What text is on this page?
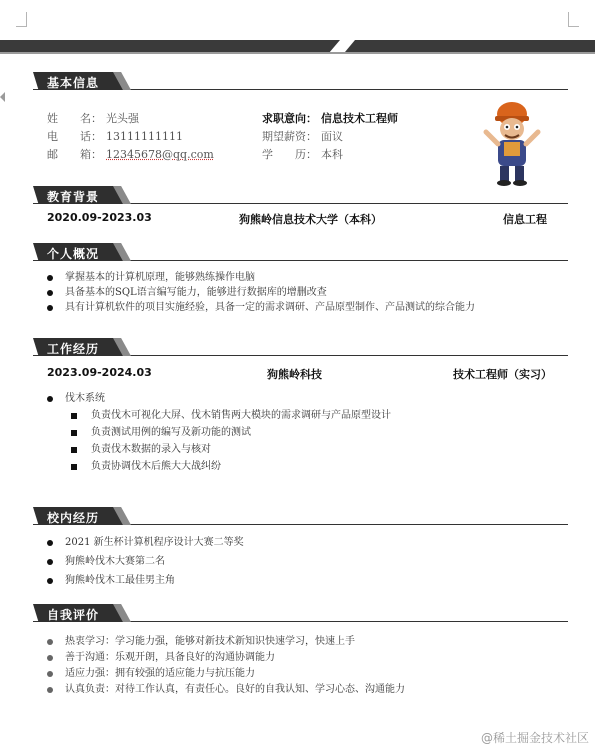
基本信息
姓　　名： 光头强
电　　话： 13111111111
邮　　箱： 12345678@qq.com
求职意向： 信息技术工程师
期望薪资： 面议
学　　历： 本科
教育背景
2020.09-2023.03	狗熊岭信息技术大学（本科）	信息工程
个人概况
掌握基本的计算机原理，能够熟练操作电脑
具备基本的SQL语言编写能力，能够进行数据库的增删改查
具有计算机软件的项目实施经验，具备一定的需求调研、产品原型制作、产品测试的综合能力
工作经历
2023.09-2024.03	狗熊岭科技	技术工程师（实习）
伐木系统
负责伐木可视化大屏、伐木销售两大模块的需求调研与产品原型设计
负责测试用例的编写及新功能的测试
负责伐木数据的录入与核对
负责协调伐木后熊大大战纠纷
校内经历
2021 新生杯计算机程序设计大赛二等奖
狗熊岭伐木大赛第二名
狗熊岭伐木工最佳男主角
自我评价
热衷学习：学习能力强，能够对新技术新知识快速学习，快速上手
善于沟通：乐观开朗，具备良好的沟通协调能力
适应力强：拥有较强的适应能力与抗压能力
认真负责：对待工作认真，有责任心。良好的自我认知、学习心态、沟通能力
@稀土掘金技术社区
